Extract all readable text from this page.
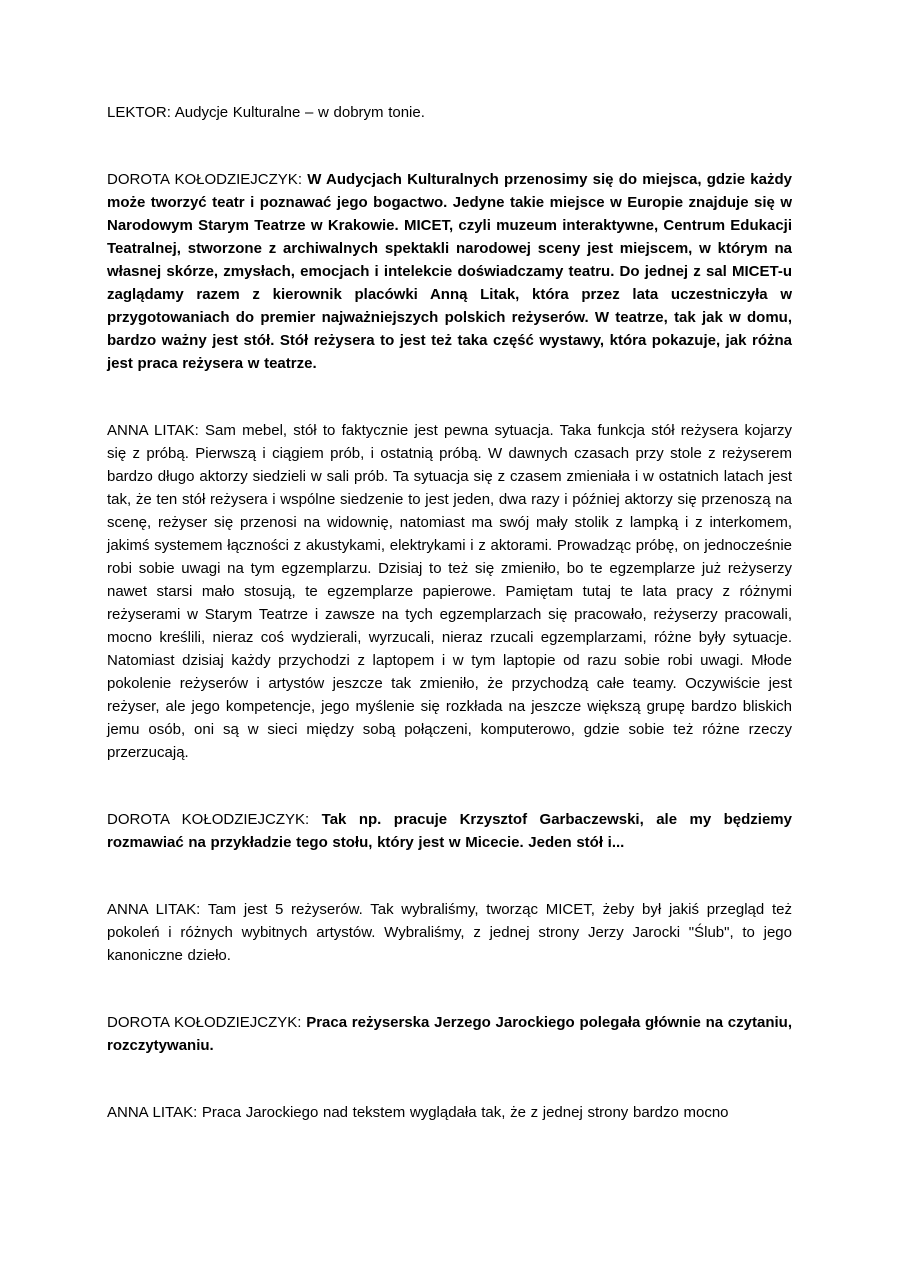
LEKTOR: Audycje Kulturalne – w dobrym tonie.

DOROTA KOŁODZIEJCZYK: W Audycjach Kulturalnych przenosimy się do miejsca, gdzie każdy może tworzyć teatr i poznawać jego bogactwo. Jedyne takie miejsce w Europie znajduje się w Narodowym Starym Teatrze w Krakowie. MICET, czyli muzeum interaktywne, Centrum Edukacji Teatralnej, stworzone z archiwalnych spektakli narodowej sceny jest miejscem, w którym na własnej skórze, zmysłach, emocjach i intelekcie doświadczamy teatru. Do jednej z sal MICET-u zaglądamy razem z kierownik placówki Anną Litak, która przez lata uczestniczyła w przygotowaniach do premier najważniejszych polskich reżyserów. W teatrze, tak jak w domu, bardzo ważny jest stół. Stół reżysera to jest też taka część wystawy, która pokazuje, jak różna jest praca reżysera w teatrze.

ANNA LITAK: Sam mebel, stół to faktycznie jest pewna sytuacja. Taka funkcja stół reżysera kojarzy się z próbą. Pierwszą i ciągiem prób, i ostatnią próbą. W dawnych czasach przy stole z reżyserem bardzo długo aktorzy siedzieli w sali prób. Ta sytuacja się z czasem zmieniała i w ostatnich latach jest tak, że ten stół reżysera i wspólne siedzenie to jest jeden, dwa razy i później aktorzy się przenoszą na scenę, reżyser się przenosi na widownię, natomiast ma swój mały stolik z lampką i z interkomem, jakimś systemem łączności z akustykami, elektrykami i z aktorami. Prowadząc próbę, on jednocześnie robi sobie uwagi na tym egzemplarzu. Dzisiaj to też się zmieniło, bo te egzemplarze już reżyserzy nawet starsi mało stosują, te egzemplarze papierowe. Pamiętam tutaj te lata pracy z różnymi reżyserami w Starym Teatrze i zawsze na tych egzemplarzach się pracowało, reżyserzy pracowali, mocno kreślili, nieraz coś wydzierali, wyrzucali, nieraz rzucali egzemplarzami, różne były sytuacje. Natomiast dzisiaj każdy przychodzi z laptopem i w tym laptopie od razu sobie robi uwagi. Młode pokolenie reżyserów i artystów jeszcze tak zmieniło, że przychodzą całe teamy. Oczywiście jest reżyser, ale jego kompetencje, jego myślenie się rozkłada na jeszcze większą grupę bardzo bliskich jemu osób, oni są w sieci między sobą połączeni, komputerowo, gdzie sobie też różne rzeczy przerzucają.

DOROTA KOŁODZIEJCZYK: Tak np. pracuje Krzysztof Garbaczewski, ale my będziemy rozmawiać na przykładzie tego stołu, który jest w Micecie. Jeden stół i...

ANNA LITAK: Tam jest 5 reżyserów. Tak wybraliśmy, tworząc MICET, żeby był jakiś przegląd też pokoleń i różnych wybitnych artystów. Wybraliśmy, z jednej strony Jerzy Jarocki "Ślub", to jego kanoniczne dzieło.

DOROTA KOŁODZIEJCZYK: Praca reżyserska Jerzego Jarockiego polegała głównie na czytaniu, rozczytywaniu.

ANNA LITAK: Praca Jarockiego nad tekstem wyglądała tak, że z jednej strony bardzo mocno
